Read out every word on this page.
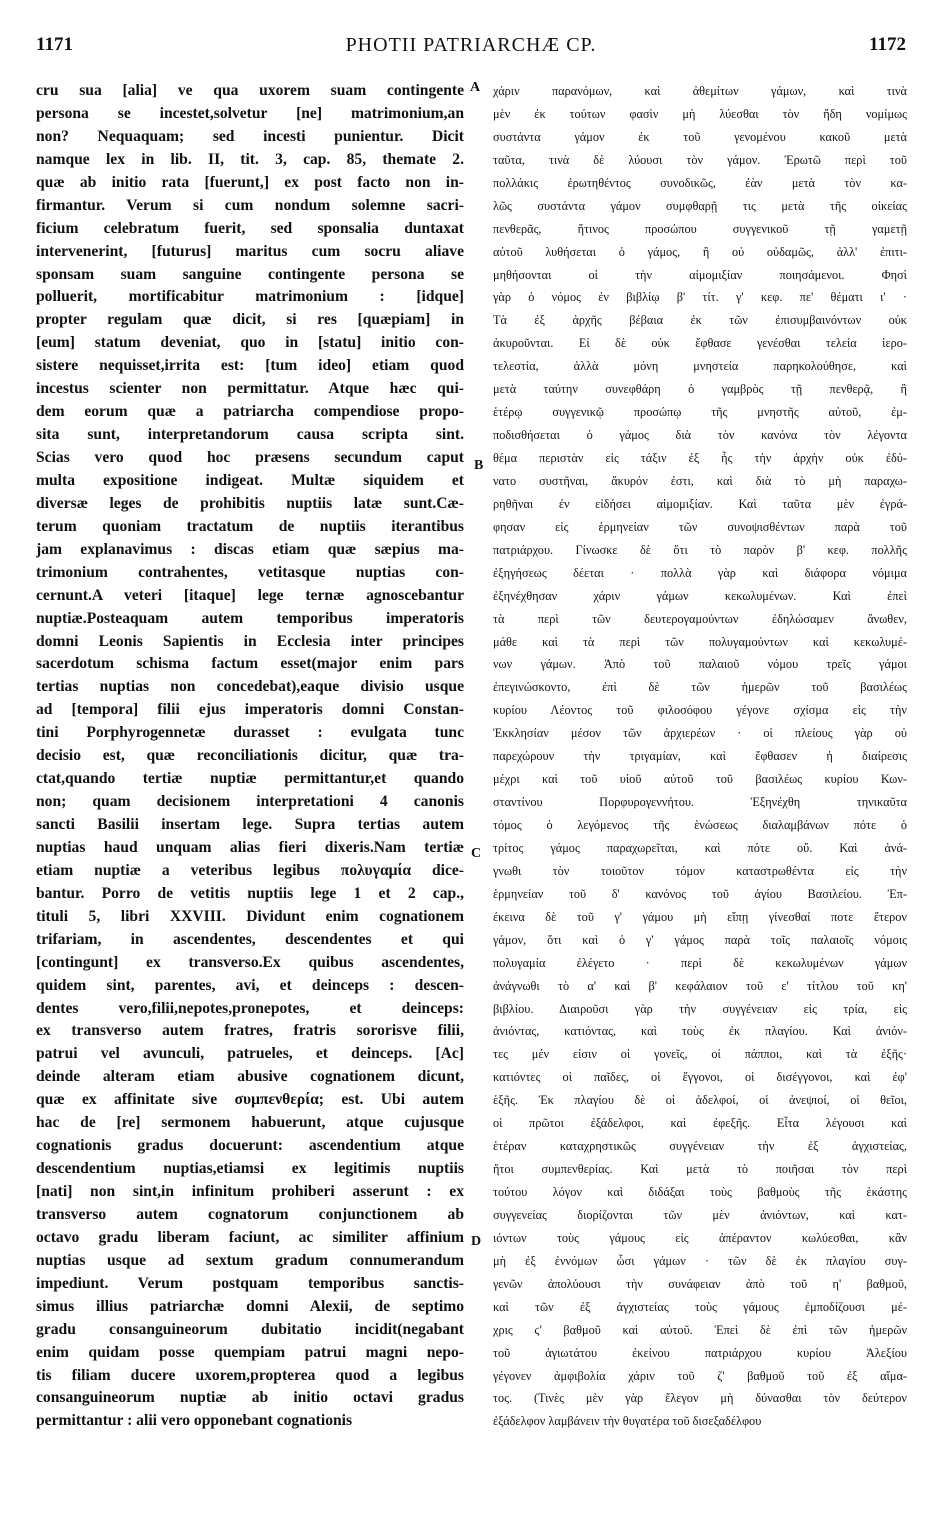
1171	PHOTII PATRIARCHÆ CP.	1172
cru sua [alia] ve qua uxorem suam contingente
persona se incestet,solvetur [ne] matrimonium,an
non? Nequaquam; sed incesti punientur. Dicit
namque lex in lib. II, tit. 3, cap. 85, themate 2.
quæ ab initio rata [fuerunt,] ex post facto non in-
firmantur. Verum si cum nondum solemne sacri-
ficium celebratum fuerit, sed sponsalia duntaxat
intervenerint, [futurus] maritus cum socru aliave
sponsam suam sanguine contingente persona se
polluerit, mortificabitur matrimonium : [idque]
propter regulam quæ dicit, si res [quæpiam] in
[eum] statum deveniat, quo in [statu] initio con-
sistere nequisset,irrita est: [tum ideo] etiam quod
incestus scienter non permittatur. Atque hæc qui-
dem eorum quæ a patriarcha compendiose propo-
sita sunt, interpretandorum causa scripta sint.
Scias vero quod hoc præsens secundum caput
multa expositione indigeat. Multæ siquidem et
diversæ leges de prohibitis nuptiis latæ sunt.Cæ-
terum quoniam tractatum de nuptiis iterantibus
jam explanavimus : discas etiam quæ sæpius ma-
trimonium contrahentes, vetitasque nuptias con-
cernunt.A veteri [itaque] lege ternæ agnoscebantur
nuptiæ.Posteaquam autem temporibus imperatoris
domni Leonis Sapientis in Ecclesia inter principes
sacerdotum schisma factum esset(major enim pars
tertias nuptias non concedebat),eaque divisio usque
ad [tempora] filii ejus imperatoris domni Constan-
tini Porphyrogennetæ durasset : evulgata tunc
decisio est, quæ reconciliationis dicitur, quæ tra-
ctat,quando tertiæ nuptiæ permittantur,et quando
non; quam decisionem interpretationi 4 canonis
sancti Basilii insertam lege. Supra tertias autem
nuptias haud unquam alias fieri dixeris.Nam tertiæ
etiam nuptiæ a veteribus legibus πολυγαμία dice-
bantur. Porro de vetitis nuptiis lege 1 et 2 cap.,
tituli 5, libri XXVIII. Dividunt enim cognationem
trifariam, in ascendentes, descendentes et qui
[contingunt] ex transverso.Ex quibus ascendentes,
quidem sint, parentes, avi, et deinceps : descen-
dentes vero,filii,nepotes,pronepotes, et deinceps:
ex transverso autem fratres, fratris sororisve filii,
patrui vel avunculi, patrueles, et deinceps. [Ac]
deinde alteram etiam abusive cognationem dicunt,
quæ ex affinitate sive συμπενθερία; est. Ubi autem
hac de [re] sermonem habuerunt, atque cujusque
cognationis gradus docuerunt: ascendentium atque
descendentium nuptias,etiamsi ex legitimis nuptiis
[nati] non sint,in infinitum prohiberi asserunt : ex
transverso autem cognatorum conjunctionem ab
octavo gradu liberam faciunt, ac similiter affinium
nuptias usque ad sextum gradum connumerandum
impediunt. Verum postquam temporibus sanctis-
simus illius patriarchæ domni Alexii, de septimo
gradu consanguineorum dubitatio incidit(negabant
enim quidam posse quempiam patrui magni nepo-
tis filiam ducere uxorem,propterea quod a legibus
consanguineorum nuptiæ ab initio octavi gradus
permittantur : alii vero opponebant cognationis
A
B
C
D
χάριν παρανόμων, καὶ ἀθεμίτων γάμων, καὶ τινὰ
μὲν ἐκ τούτων φασὶν μὴ λύεσθαι τὸν ἤδη νομίμως
συστάντα γάμον ἐκ τοῦ γενομένου κακοῦ μετὰ
ταῦτα, τινὰ δὲ λύουσι τὸν γάμον. Ἐρωτῶ περὶ τοῦ
πολλάκις ἐρωτηθέντος συνοδικῶς, ἐὰν μετὰ τὸν κα-
λῶς συστάντα γάμον συμφθαρῇ τις μετὰ τῆς οἰκείας
πενθερᾶς, ἥτινος προσώπου συγγενικοῦ τῇ γαμετῇ
αὐτοῦ λυθήσεται ὁ γάμος, ἢ οὐ οὐδαμῶς, ἀλλ' ἐπιτι-
μηθήσονται οἱ τὴν αἱμομιξίαν ποιησάμενοι. Φησὶ
γὰρ ὁ νόμος ἐν βιβλίῳ β' τίτ. γ' κεφ. πε' θέματι ι' ·
Τὰ ἐξ ἀρχῆς βέβαια ἐκ τῶν ἐπισυμβαινόντων οὐκ
ἀκυροῦνται. Εἰ δὲ οὐκ ἔφθασε γενέσθαι τελεία ἱερο-
τελεστία, ἀλλὰ μόνη μνηστεία παρηκολούθησε, καὶ
μετὰ ταύτην συνεφθάρη ὁ γαμβρὸς τῇ πενθερᾷ, ἢ
ἑτέρῳ συγγενικῷ προσώπῳ τῆς μνηστῆς αὐτοῦ, ἐμ-
ποδισθήσεται ὁ γάμος διὰ τὸν κανόνα τὸν λέγοντα
θέμα περιστὰν εἰς τάξιν ἐξ ἧς τὴν ἀρχὴν οὐκ ἐδύ-
νατο συστῆναι, ἄκυρόν ἐστι, καὶ διὰ τὸ μὴ παραχω-
ρηθῆναι ἐν εἰδήσει αἱμομιξίαν. Καὶ ταῦτα μὲν ἐγρά-
φησαν εἰς ἑρμηνείαν τῶν συνοψισθέντων παρὰ τοῦ
πατριάρχου. Γίνωσκε δὲ ὅτι τὸ παρὸν β' κεφ. πολλῆς
ἐξηγήσεως δέεται · πολλὰ γὰρ καὶ διάφορα νόμιμα
ἐξηνέχθησαν χάριν γάμων κεκωλυμένων. Καὶ ἐπεὶ
τὰ περὶ τῶν δευτερογαμούντων ἐδηλώσαμεν ἄνωθεν,
μάθε καὶ τὰ περὶ τῶν πολυγαμούντων καὶ κεκωλυμέ-
νων γάμων. Ἀπὸ τοῦ παλαιοῦ νόμου τρεῖς γάμοι
ἐπεγινώσκοντο, ἐπὶ δὲ τῶν ἡμερῶν τοῦ βασιλέως
κυρίου Λέοντος τοῦ φιλοσόφου γέγονε σχίσμα εἰς τὴν
Ἐκκλησίαν μέσον τῶν ἀρχιερέων · οἱ πλείους γὰρ οὐ
παρεχώρουν τὴν τριγαμίαν, καὶ ἔφθασεν ἡ διαίρεσις
μέχρι καὶ τοῦ υἱοῦ αὐτοῦ τοῦ βασιλέως κυρίου Κων-
σταντίνου Πορφυρογεννήτου. Ἐξηνέχθη τηνικαῦτα
τόμος ὁ λεγόμενος τῆς ἑνώσεως διαλαμβάνων πότε ὁ
τρίτος γάμος παραχωρεῖται, καὶ πότε οὔ. Καὶ ἀνά-
γνωθι τὸν τοιοῦτον τόμον καταστρωθέντα εἰς τὴν
ἑρμηνείαν τοῦ δ' κανόνος τοῦ ἁγίου Βασιλείου. Ἐπ-
έκεινα δὲ τοῦ γ' γάμου μὴ εἴπῃ γίνεσθαί ποτε ἕτερον
γάμον, ὅτι καὶ ὁ γ' γάμος παρὰ τοῖς παλαιοῖς νόμοις
πολυγαμία ἐλέγετο · περὶ δὲ κεκωλυμένων γάμων
ἀνάγνωθι τὸ α' καὶ β' κεφάλαιον τοῦ ε' τίτλου τοῦ κη'
βιβλίου. Διαιροῦσι γὰρ τὴν συγγένειαν εἰς τρία, εἰς
ἀνιόντας, κατιόντας, καὶ τοὺς ἐκ πλαγίου. Καὶ ἀνιόν-
τες μέν εἰσιν οἱ γονεῖς, οἱ πάπποι, καὶ τὰ ἐξῆς·
κατιόντες οἱ παῖδες, οἱ ἔγγονοι, οἱ δισέγγονοι, καὶ ἐφ'
ἑξῆς. Ἐκ πλαγίου δὲ οἱ ἀδελφοί, οἱ ἀνεψιοί, οἱ θεῖοι,
οἱ πρῶτοι ἐξάδελφοι, καὶ ἐφεξῆς. Εἶτα λέγουσι καὶ
ἑτέραν καταχρηστικῶς συγγένειαν τὴν ἐξ ἀγχιστείας,
ἤτοι συμπενθερίας. Καὶ μετὰ τὸ ποιῆσαι τὸν περὶ
τούτου λόγον καὶ διδάξαι τοὺς βαθμοὺς τῆς ἑκάστης
συγγενείας διορίζονται τῶν μὲν ἀνιόντων, καὶ κατ-
ιόντων τοὺς γάμους εἰς ἀπέραντον κωλύεσθαι, κἂν
μὴ ἐξ ἐννόμων ὦσι γάμων · τῶν δὲ ἐκ πλαγίου συγ-
γενῶν ἀπολύουσι τὴν συνάφειαν ἀπὸ τοῦ η' βαθμοῦ,
καὶ τῶν ἐξ ἀγχιστείας τοὺς γάμους ἐμποδίζουσι μέ-
χρις ϛ' βαθμοῦ καὶ αὐτοῦ. Ἐπεὶ δὲ ἐπὶ τῶν ἡμερῶν
τοῦ ἁγιωτάτου ἐκείνου πατριάρχου κυρίου Ἀλεξίου
γέγονεν ἀμφιβολία χάριν τοῦ ζ' βαθμοῦ τοῦ ἐξ αἵμα-
τος. (Τινὲς μὲν γὰρ ἔλεγον μὴ δύνασθαι τὸν δεύτερον
ἐξάδελφον λαμβάνειν τὴν θυγατέρα τοῦ δισεξαδέλφου
